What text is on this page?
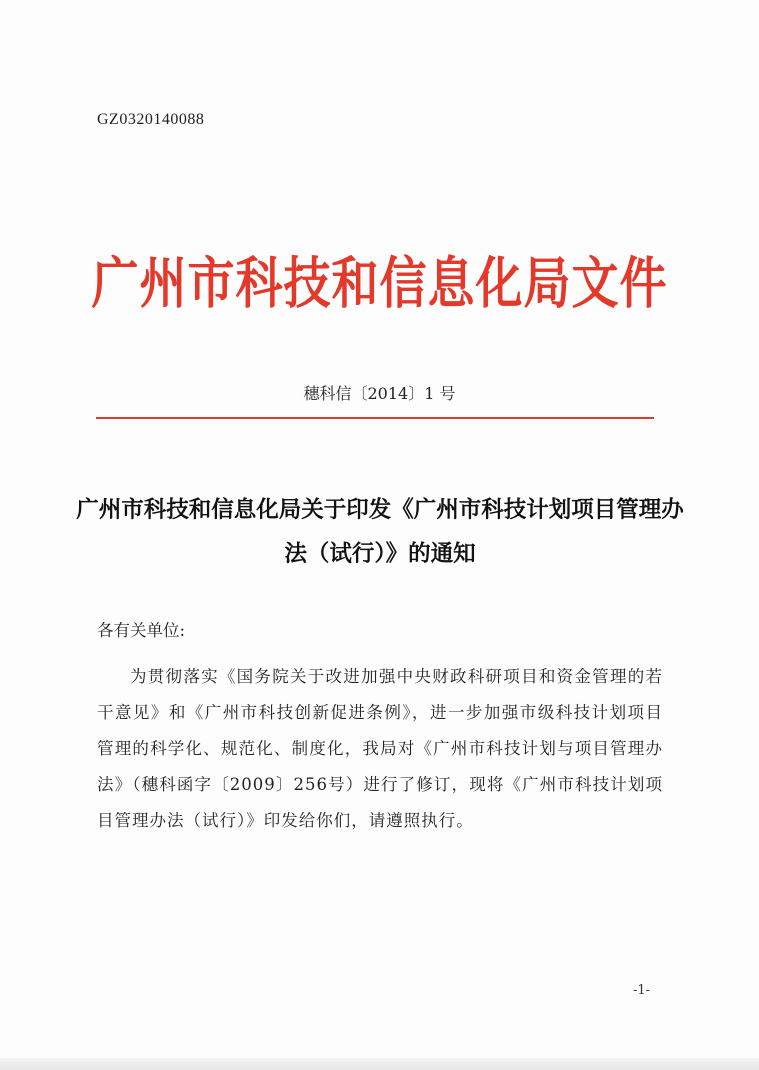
GZ0320140088
广州市科技和信息化局文件
穗科信〔2014〕1 号
广州市科技和信息化局关于印发《广州市科技计划项目管理办法（试行）》的通知
各有关单位:
为贯彻落实《国务院关于改进加强中央财政科研项目和资金管理的若干意见》和《广州市科技创新促进条例》，进一步加强市级科技计划项目管理的科学化、规范化、制度化，我局对《广州市科技计划与项目管理办法》（穗科函字〔2009〕256号）进行了修订，现将《广州市科技计划项目管理办法（试行）》印发给你们，请遵照执行。
-1-
